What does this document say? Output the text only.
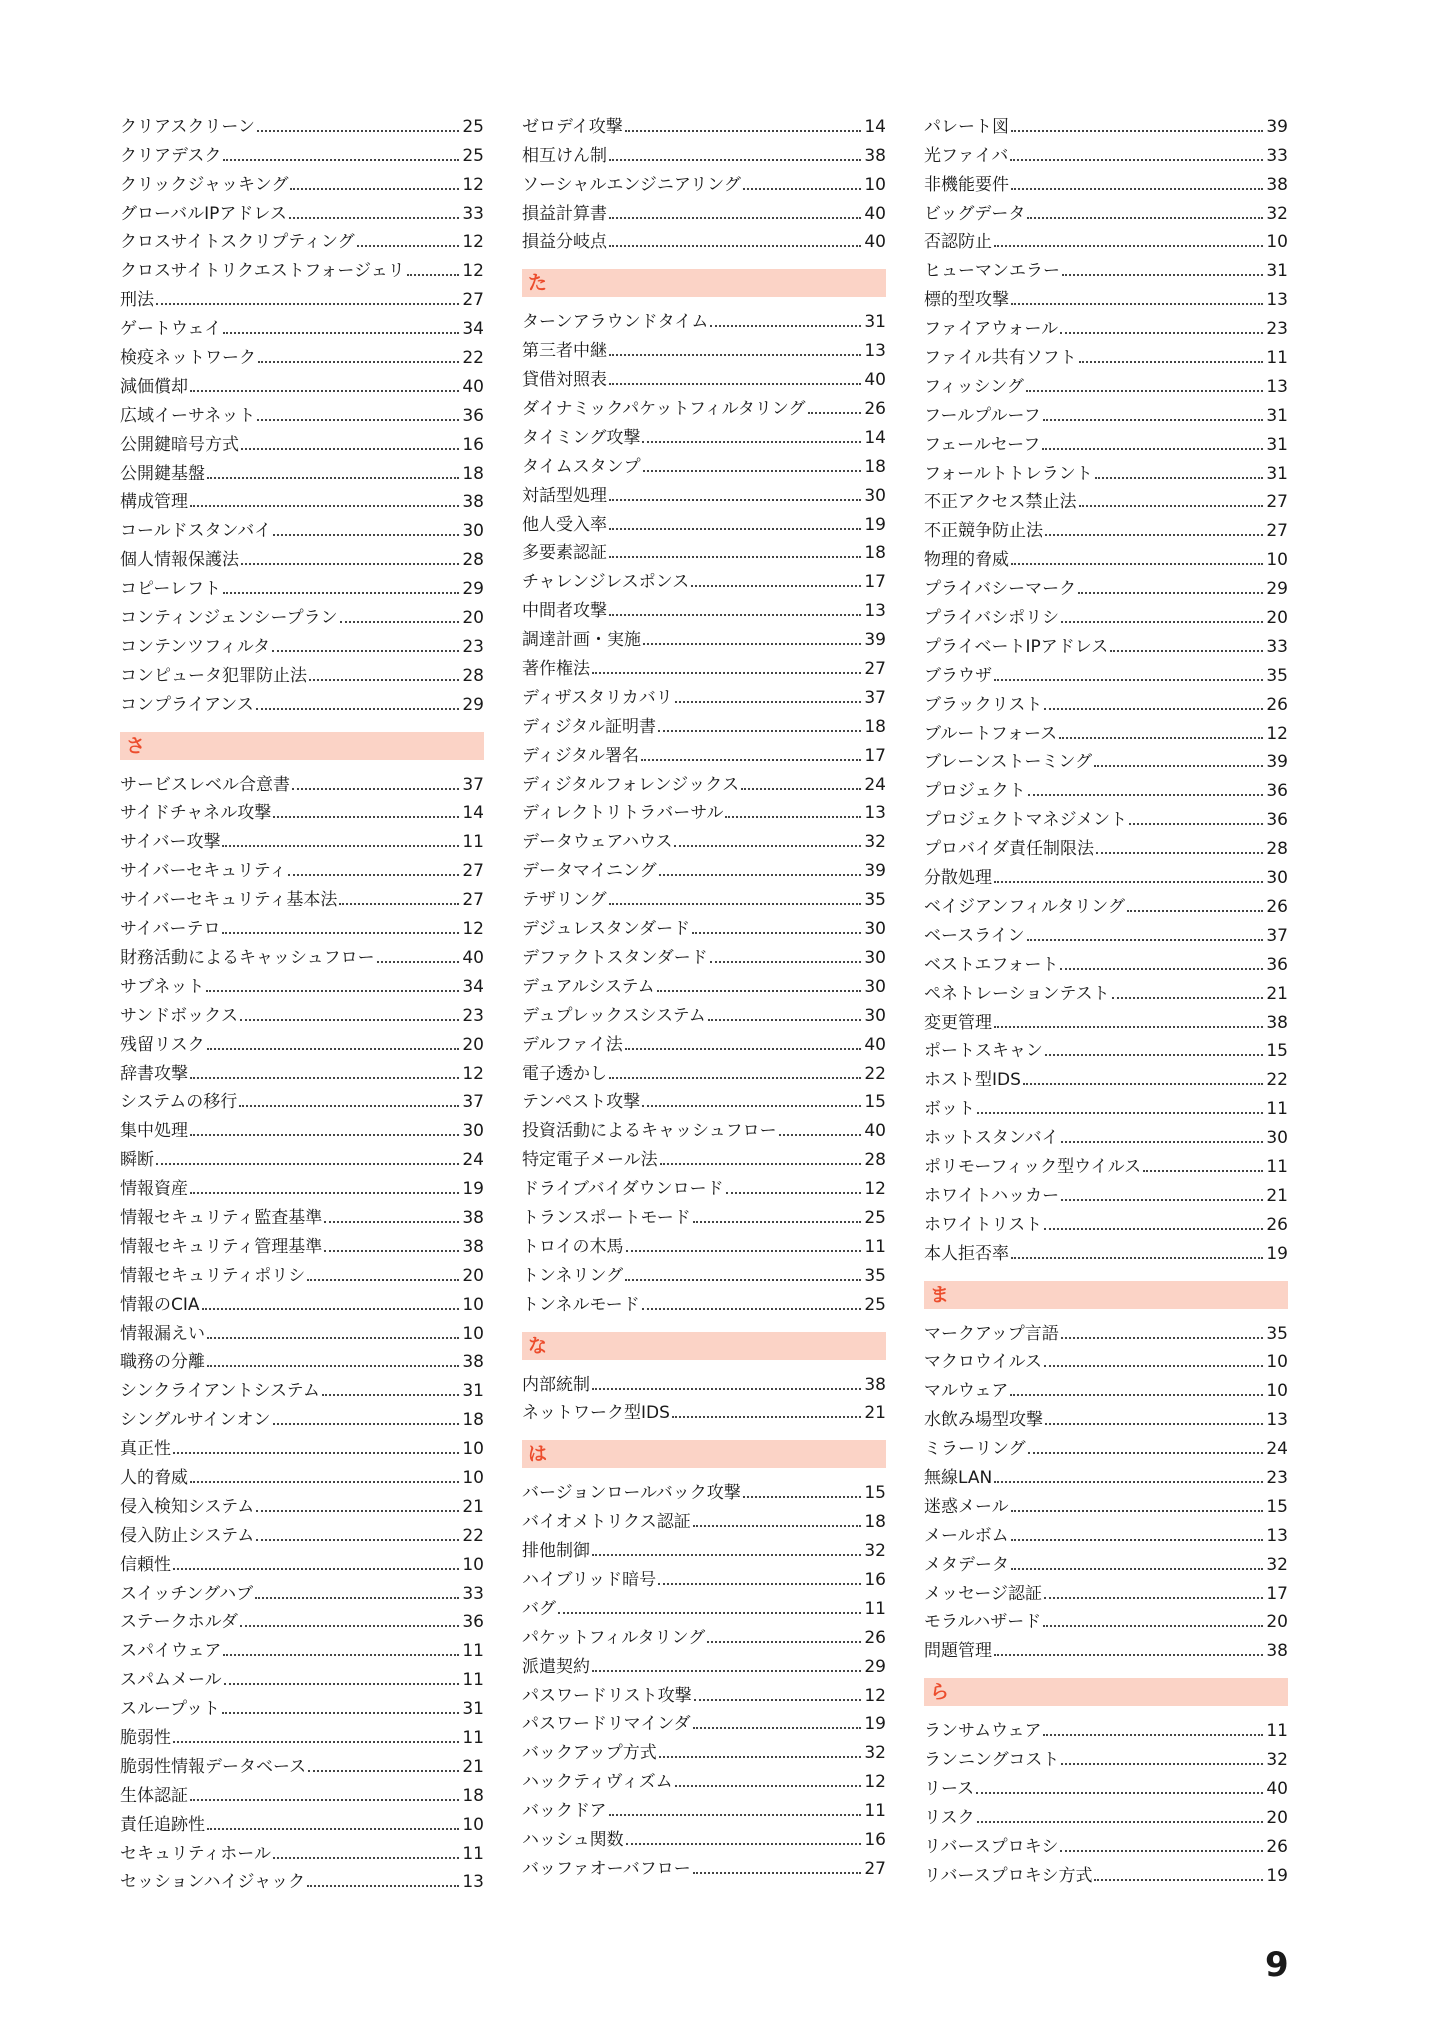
クリアスクリーン	25
クリアデスク	25
クリックジャッキング	12
グローバルIPアドレス	33
クロスサイトスクリプティング	12
クロスサイトリクエストフォージェリ	12
刑法	27
ゲートウェイ	34
検疫ネットワーク	22
減価償却	40
広域イーサネット	36
公開鍵暗号方式	16
公開鍵基盤	18
構成管理	38
コールドスタンバイ	30
個人情報保護法	28
コピーレフト	29
コンティンジェンシープラン	20
コンテンツフィルタ	23
コンピュータ犯罪防止法	28
コンプライアンス	29
さ
サービスレベル合意書	37
サイドチャネル攻撃	14
サイバー攻撃	11
サイバーセキュリティ	27
サイバーセキュリティ基本法	27
サイバーテロ	12
財務活動によるキャッシュフロー	40
サブネット	34
サンドボックス	23
残留リスク	20
辞書攻撃	12
システムの移行	37
集中処理	30
瞬断	24
情報資産	19
情報セキュリティ監査基準	38
情報セキュリティ管理基準	38
情報セキュリティポリシ	20
情報のCIA	10
情報漏えい	10
職務の分離	38
シンクライアントシステム	31
シングルサインオン	18
真正性	10
人的脅威	10
侵入検知システム	21
侵入防止システム	22
信頼性	10
スイッチングハブ	33
ステークホルダ	36
スパイウェア	11
スパムメール	11
スループット	31
脆弱性	11
脆弱性情報データベース	21
生体認証	18
責任追跡性	10
セキュリティホール	11
セッションハイジャック	13
ゼロデイ攻撃	14
相互けん制	38
ソーシャルエンジニアリング	10
損益計算書	40
損益分岐点	40
た
ターンアラウンドタイム	31
第三者中継	13
貸借対照表	40
ダイナミックパケットフィルタリング	26
タイミング攻撃	14
タイムスタンプ	18
対話型処理	30
他人受入率	19
多要素認証	18
チャレンジレスポンス	17
中間者攻撃	13
調達計画・実施	39
著作権法	27
ディザスタリカバリ	37
ディジタル証明書	18
ディジタル署名	17
ディジタルフォレンジックス	24
ディレクトリトラバーサル	13
データウェアハウス	32
データマイニング	39
テザリング	35
デジュレスタンダード	30
デファクトスタンダード	30
デュアルシステム	30
デュプレックスシステム	30
デルファイ法	40
電子透かし	22
テンペスト攻撃	15
投資活動によるキャッシュフロー	40
特定電子メール法	28
ドライブバイダウンロード	12
トランスポートモード	25
トロイの木馬	11
トンネリング	35
トンネルモード	25
な
内部統制	38
ネットワーク型IDS	21
は
バージョンロールバック攻撃	15
バイオメトリクス認証	18
排他制御	32
ハイブリッド暗号	16
バグ	11
パケットフィルタリング	26
派遣契約	29
パスワードリスト攻撃	12
パスワードリマインダ	19
バックアップ方式	32
ハックティヴィズム	12
バックドア	11
ハッシュ関数	16
バッファオーバフロー	27
パレート図	39
光ファイバ	33
非機能要件	38
ビッグデータ	32
否認防止	10
ヒューマンエラー	31
標的型攻撃	13
ファイアウォール	23
ファイル共有ソフト	11
フィッシング	13
フールプルーフ	31
フェールセーフ	31
フォールトトレラント	31
不正アクセス禁止法	27
不正競争防止法	27
物理的脅威	10
プライバシーマーク	29
プライバシポリシ	20
プライベートIPアドレス	33
ブラウザ	35
ブラックリスト	26
ブルートフォース	12
ブレーンストーミング	39
プロジェクト	36
プロジェクトマネジメント	36
プロバイダ責任制限法	28
分散処理	30
ベイジアンフィルタリング	26
ベースライン	37
ベストエフォート	36
ペネトレーションテスト	21
変更管理	38
ポートスキャン	15
ホスト型IDS	22
ボット	11
ホットスタンバイ	30
ポリモーフィック型ウイルス	11
ホワイトハッカー	21
ホワイトリスト	26
本人拒否率	19
ま
マークアップ言語	35
マクロウイルス	10
マルウェア	10
水飲み場型攻撃	13
ミラーリング	24
無線LAN	23
迷惑メール	15
メールボム	13
メタデータ	32
メッセージ認証	17
モラルハザード	20
問題管理	38
ら
ランサムウェア	11
ランニングコスト	32
リース	40
リスク	20
リバースプロキシ	26
リバースプロキシ方式	19
9
